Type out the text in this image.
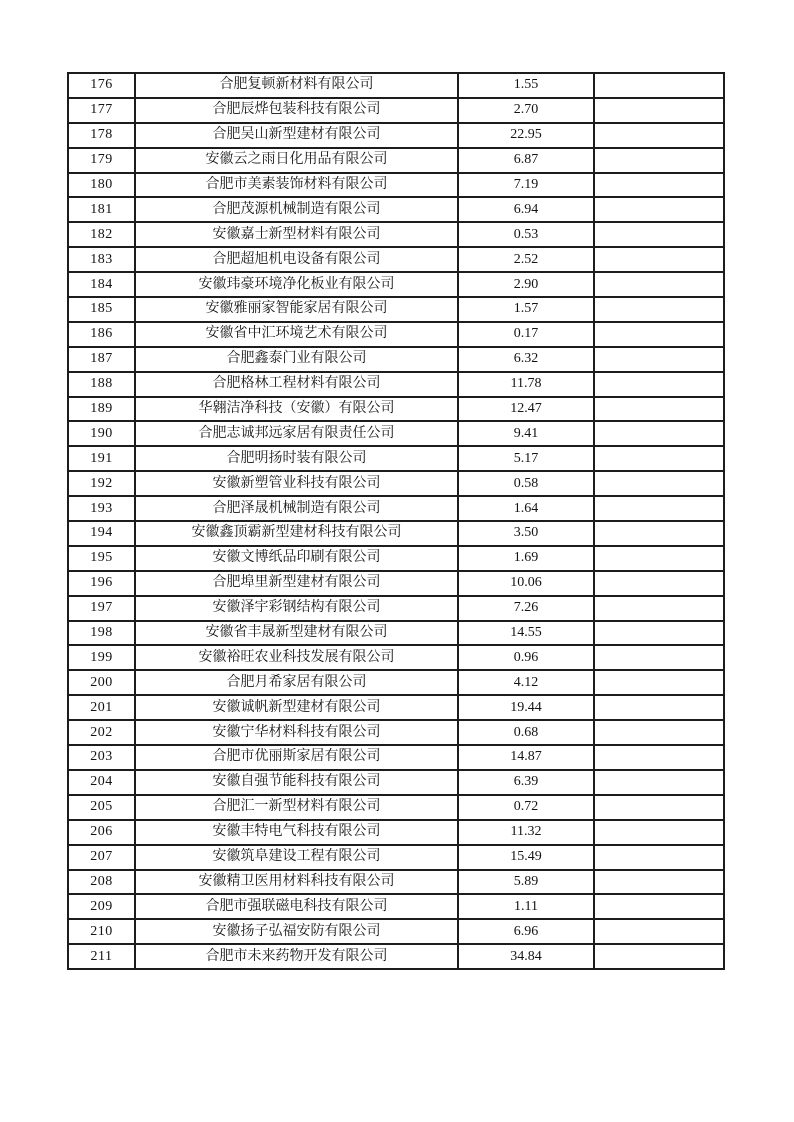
176	合肥复顿新材料有限公司	1.55	
177	合肥辰烨包装科技有限公司	2.70	
178	合肥吴山新型建材有限公司	22.95	
179	安徽云之雨日化用品有限公司	6.87	
180	合肥市美素装饰材料有限公司	7.19	
181	合肥茂源机械制造有限公司	6.94	
182	安徽嘉士新型材料有限公司	0.53	
183	合肥超旭机电设备有限公司	2.52	
184	安徽玮豪环境净化板业有限公司	2.90	
185	安徽雅丽家智能家居有限公司	1.57	
186	安徽省中汇环境艺术有限公司	0.17	
187	合肥鑫泰门业有限公司	6.32	
188	合肥格林工程材料有限公司	11.78	
189	华翱洁净科技（安徽）有限公司	12.47	
190	合肥志诚邦远家居有限责任公司	9.41	
191	合肥明扬时装有限公司	5.17	
192	安徽新塑管业科技有限公司	0.58	
193	合肥泽晟机械制造有限公司	1.64	
194	安徽鑫顶霸新型建材科技有限公司	3.50	
195	安徽文博纸品印刷有限公司	1.69	
196	合肥埠里新型建材有限公司	10.06	
197	安徽泽宇彩钢结构有限公司	7.26	
198	安徽省丰晟新型建材有限公司	14.55	
199	安徽裕旺农业科技发展有限公司	0.96	
200	合肥月希家居有限公司	4.12	
201	安徽诚帆新型建材有限公司	19.44	
202	安徽宁华材料科技有限公司	0.68	
203	合肥市优丽斯家居有限公司	14.87	
204	安徽自强节能科技有限公司	6.39	
205	合肥汇一新型材料有限公司	0.72	
206	安徽丰特电气科技有限公司	11.32	
207	安徽筑阜建设工程有限公司	15.49	
208	安徽精卫医用材料科技有限公司	5.89	
209	合肥市强联磁电科技有限公司	1.11	
210	安徽扬子弘福安防有限公司	6.96	
211	合肥市未来药物开发有限公司	34.84	
